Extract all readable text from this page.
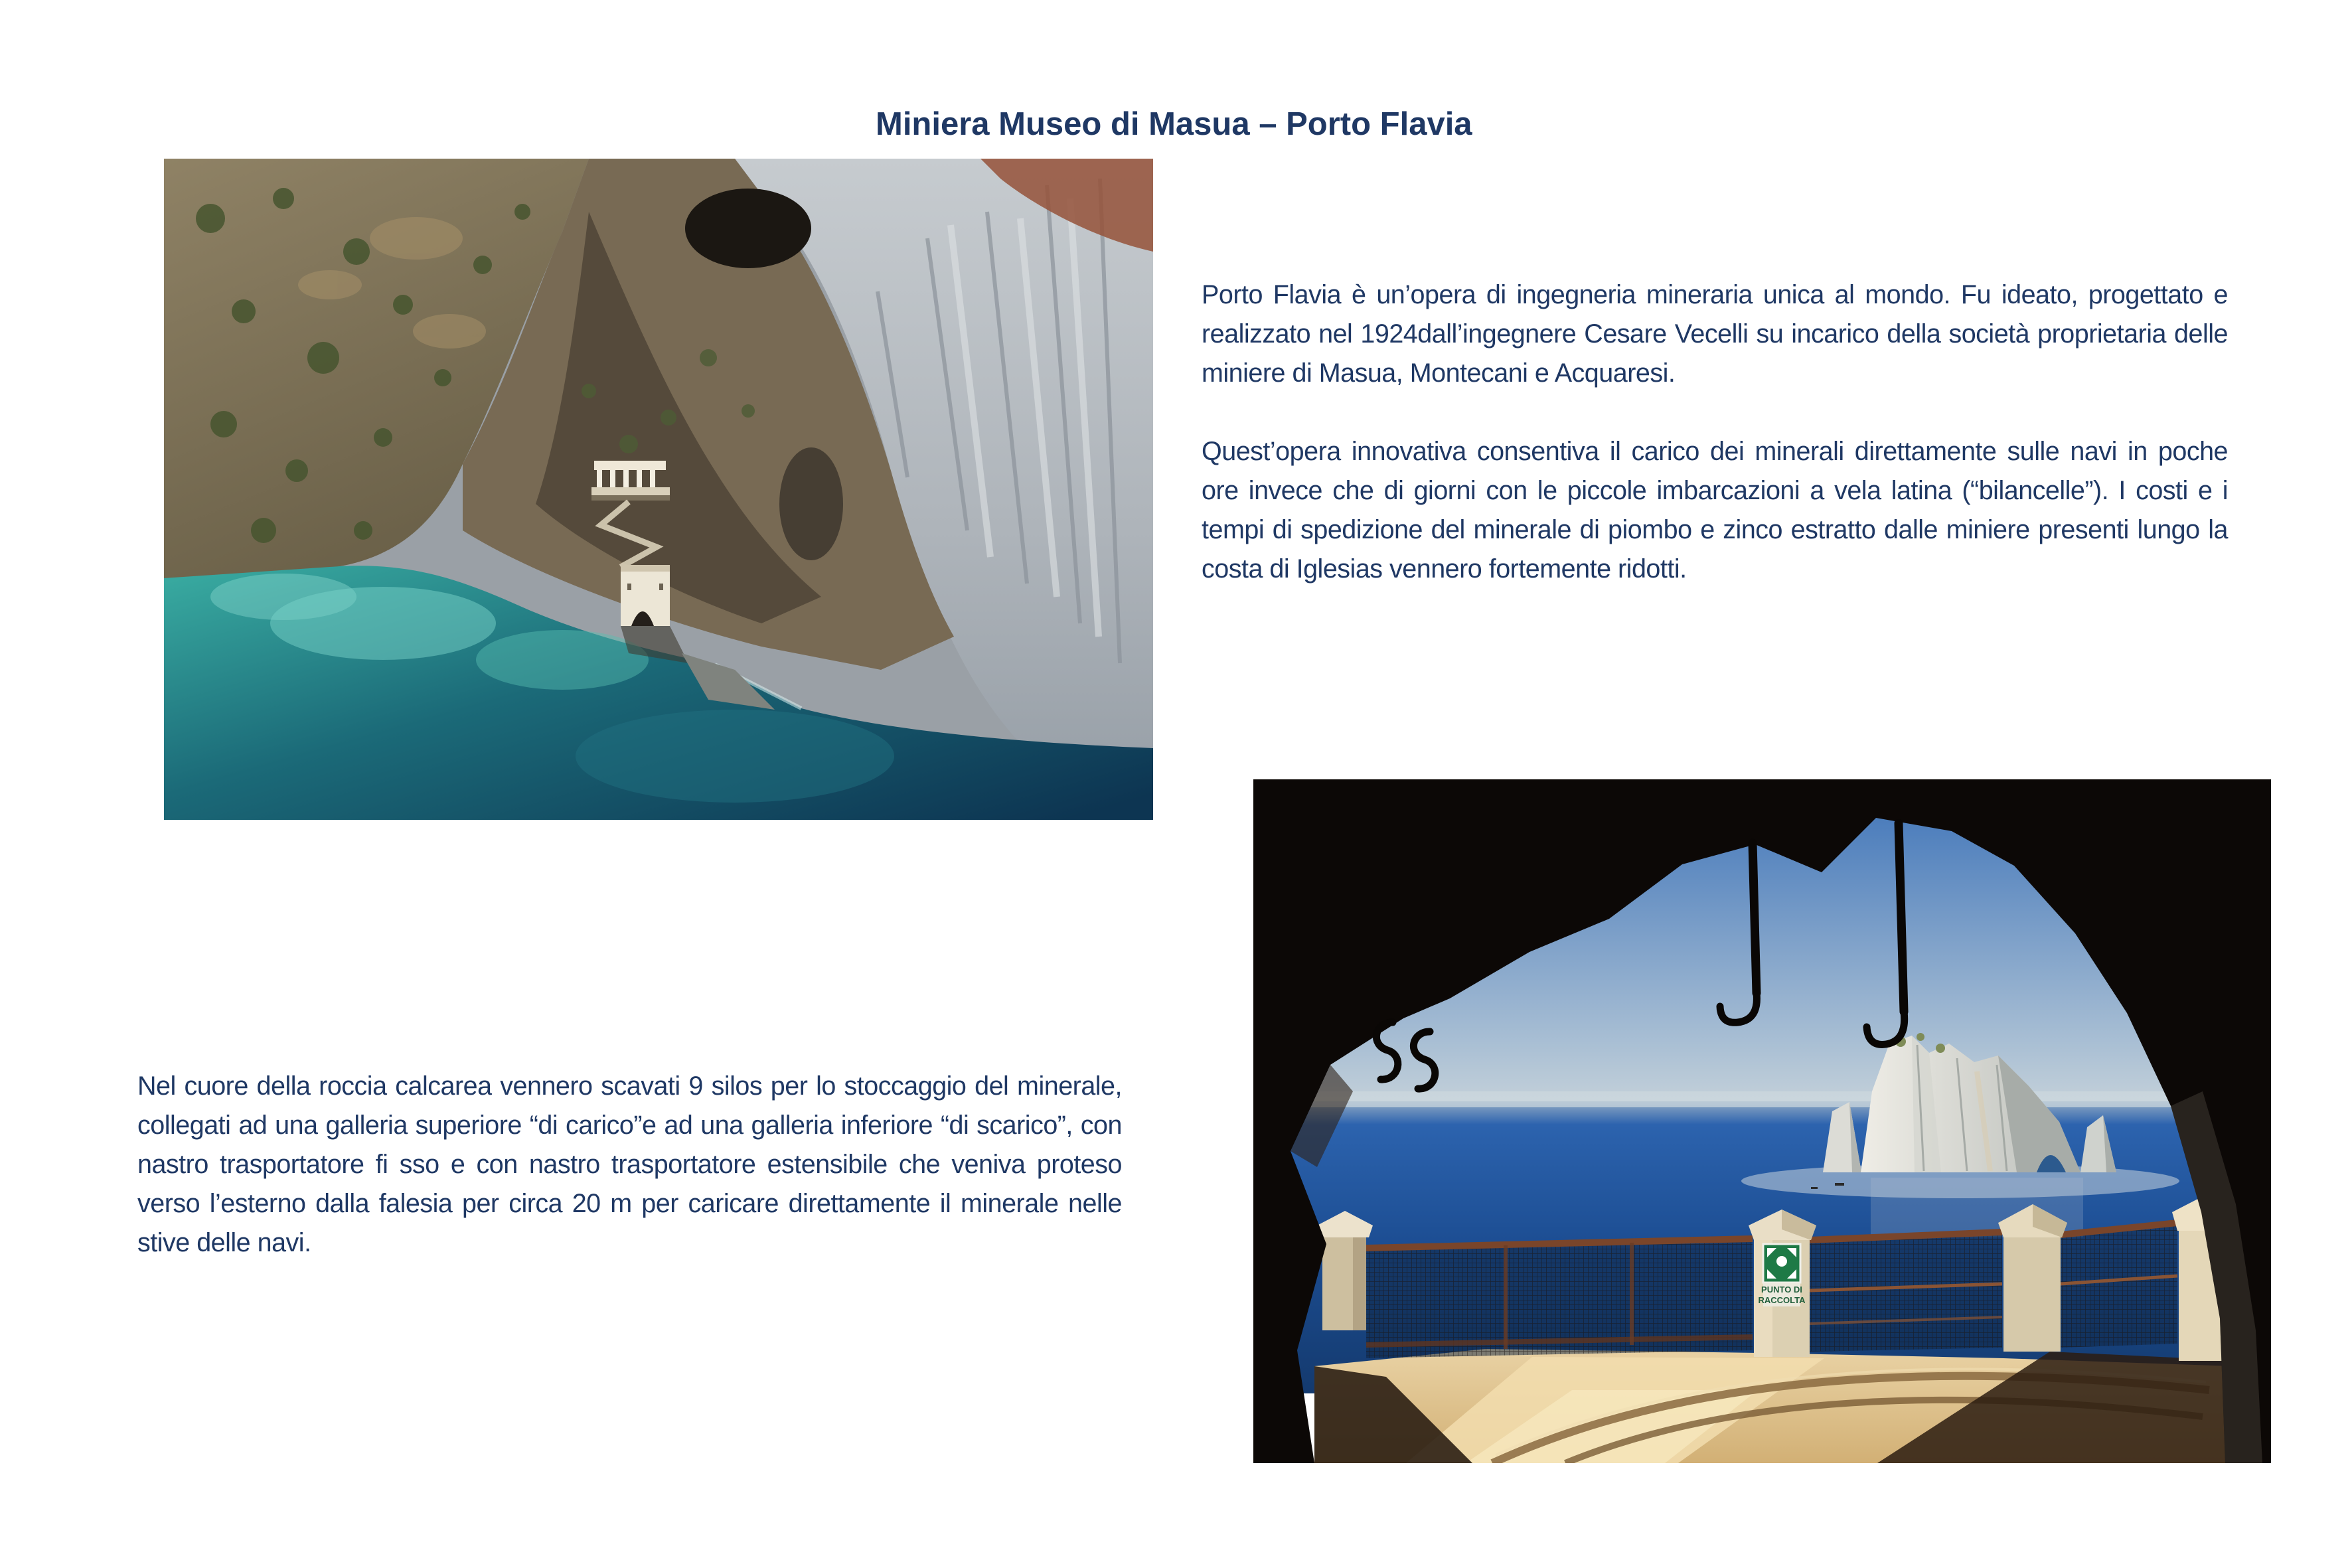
Miniera Museo di Masua – Porto Flavia

Porto Flavia è un’opera di ingegneria mineraria unica al mondo. Fu ideato, progettato e realizzato nel 1924dall’ingegnere Cesare Vecelli su incarico della società proprietaria delle miniere di Masua, Montecani e Acquaresi.

Quest’opera innovativa consentiva il carico dei minerali direttamente sulle navi in poche ore invece che di giorni con le piccole imbarcazioni a vela latina (“bilancelle”). I costi e i tempi di spedizione del minerale di piombo e zinco estratto dalle miniere presenti lungo la costa di Iglesias vennero fortemente ridotti.

Nel cuore della roccia calcarea vennero scavati 9 silos per lo stoccaggio del minerale, collegati ad una galleria superiore “di carico”e ad una galleria inferiore “di scarico”, con nastro trasportatore fi sso e con nastro trasportatore estensibile che veniva proteso verso l’esterno dalla falesia per circa 20 m per caricare direttamente il minerale nelle stive delle navi.

PUNTO DI
RACCOLTA
